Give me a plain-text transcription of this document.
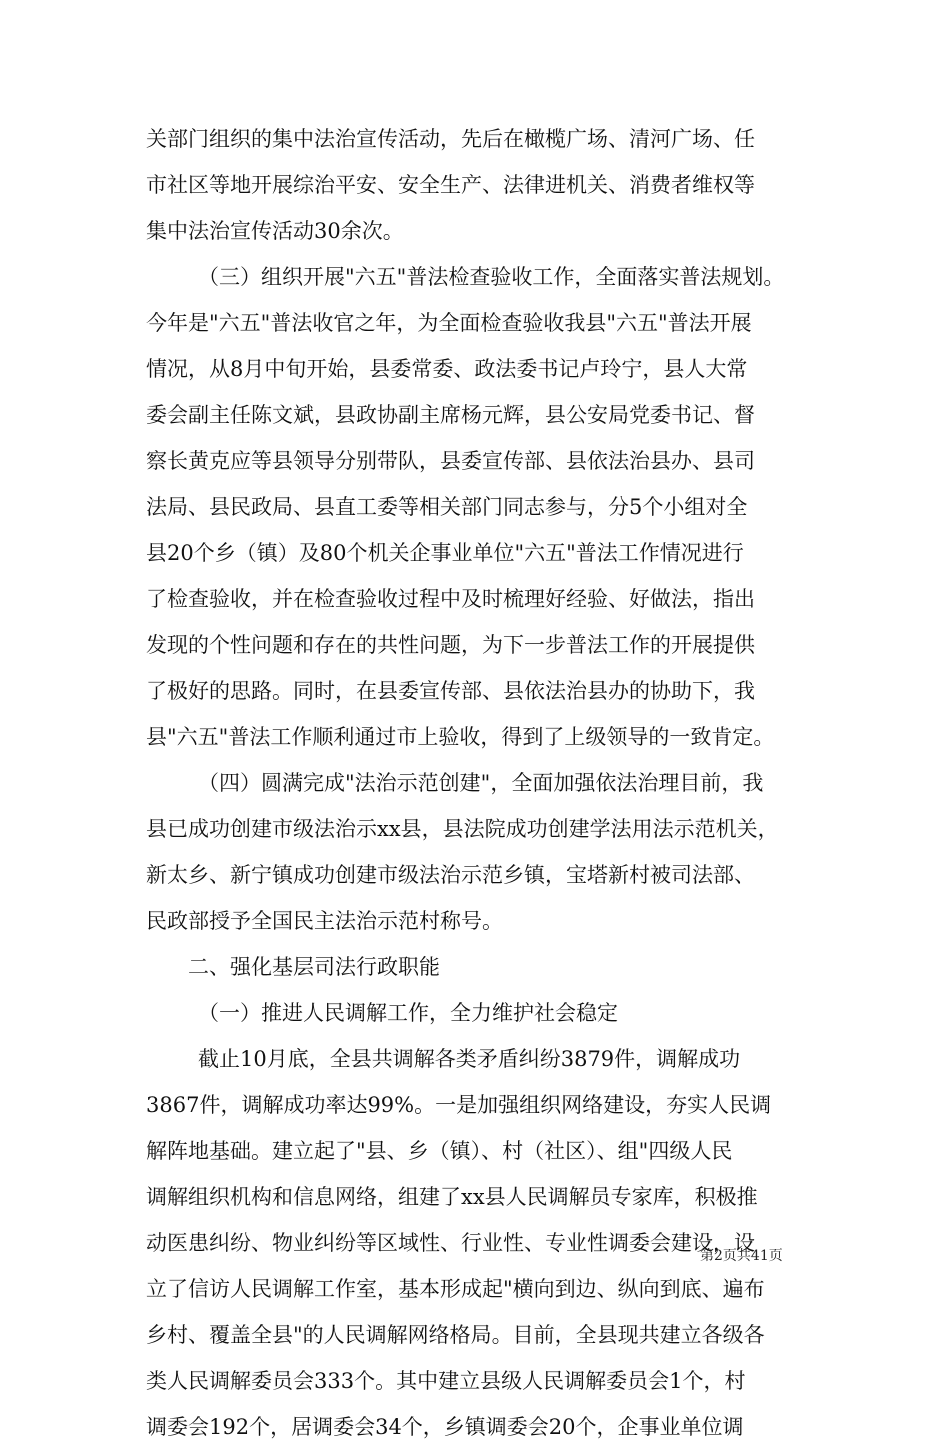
关部门组织的集中法治宣传活动，先后在橄榄广场、清河广场、任
市社区等地开展综治平安、安全生产、法律进机关、消费者维权等
集中法治宣传活动30余次。
（三）组织开展"六五"普法检查验收工作，全面落实普法规划。
今年是"六五"普法收官之年，为全面检查验收我县"六五"普法开展
情况，从8月中旬开始，县委常委、政法委书记卢玲宁，县人大常
委会副主任陈文斌，县政协副主席杨元辉，县公安局党委书记、督
察长黄克应等县领导分别带队，县委宣传部、县依法治县办、县司
法局、县民政局、县直工委等相关部门同志参与，分5个小组对全
县20个乡（镇）及80个机关企事业单位"六五"普法工作情况进行
了检查验收，并在检查验收过程中及时梳理好经验、好做法，指出
发现的个性问题和存在的共性问题，为下一步普法工作的开展提供
了极好的思路。同时，在县委宣传部、县依法治县办的协助下，我
县"六五"普法工作顺利通过市上验收，得到了上级领导的一致肯定。
（四）圆满完成"法治示范创建"，全面加强依法治理目前，我
县已成功创建市级法治示xx县，县法院成功创建学法用法示范机关，
新太乡、新宁镇成功创建市级法治示范乡镇，宝塔新村被司法部、
民政部授予全国民主法治示范村称号。
二、强化基层司法行政职能
（一）推进人民调解工作，全力维护社会稳定
截止10月底，全县共调解各类矛盾纠纷3879件，调解成功
3867件，调解成功率达99%。一是加强组织网络建设，夯实人民调
解阵地基础。建立起了"县、乡（镇）、村（社区）、组"四级人民
调解组织机构和信息网络，组建了xx县人民调解员专家库，积极推
动医患纠纷、物业纠纷等区域性、行业性、专业性调委会建设，设
立了信访人民调解工作室，基本形成起"横向到边、纵向到底、遍布
乡村、覆盖全县"的人民调解网络格局。目前，全县现共建立各级各
类人民调解委员会333个。其中建立县级人民调解委员会1个，村
调委会192个，居调委会34个，乡镇调委会20个，企事业单位调
第2页共41页
